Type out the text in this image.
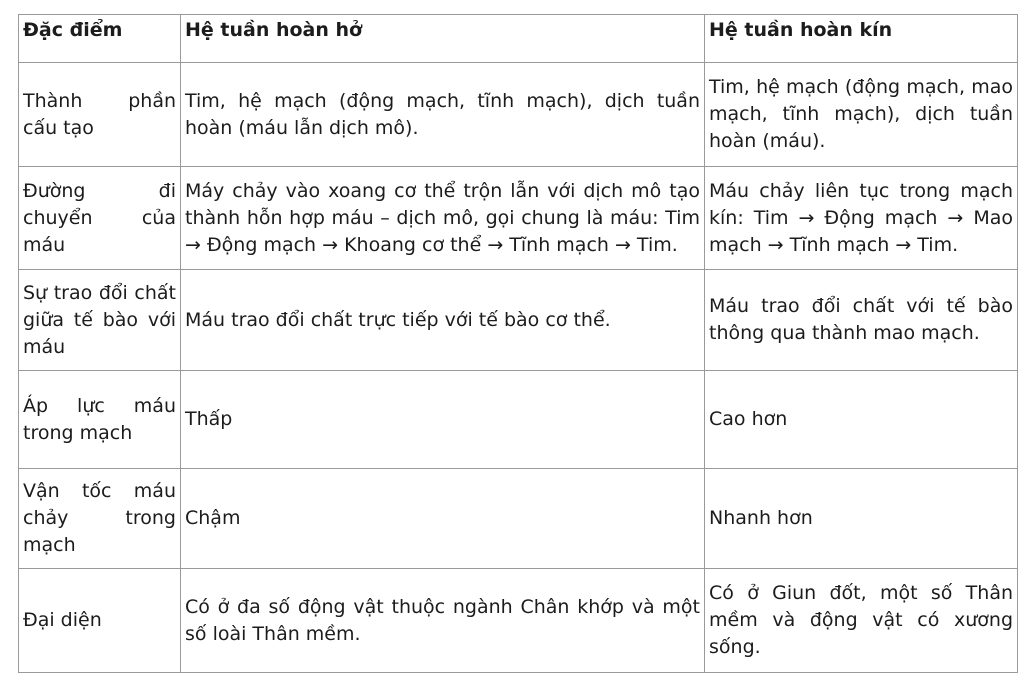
Đặc điểm	Hệ tuần hoàn hở	Hệ tuần hoàn kín
Thành phần cấu tạo	Tim, hệ mạch (động mạch, tĩnh mạch), dịch tuần hoàn (máu lẫn dịch mô).	Tim, hệ mạch (động mạch, mao mạch, tĩnh mạch), dịch tuần hoàn (máu).
Đường đi chuyển của máu	Máy chảy vào xoang cơ thể trộn lẫn với dịch mô tạo thành hỗn hợp máu – dịch mô, gọi chung là máu: Tim → Động mạch → Khoang cơ thể → Tĩnh mạch → Tim.	Máu chảy liên tục trong mạch kín: Tim → Động mạch → Mao mạch → Tĩnh mạch → Tim.
Sự trao đổi chất giữa tế bào với máu	Máu trao đổi chất trực tiếp với tế bào cơ thể.	Máu trao đổi chất với tế bào thông qua thành mao mạch.
Áp lực máu trong mạch	Thấp	Cao hơn
Vận tốc máu chảy trong mạch	Chậm	Nhanh hơn
Đại diện	Có ở đa số động vật thuộc ngành Chân khớp và một số loài Thân mềm.	Có ở Giun đốt, một số Thân mềm và động vật có xương sống.
